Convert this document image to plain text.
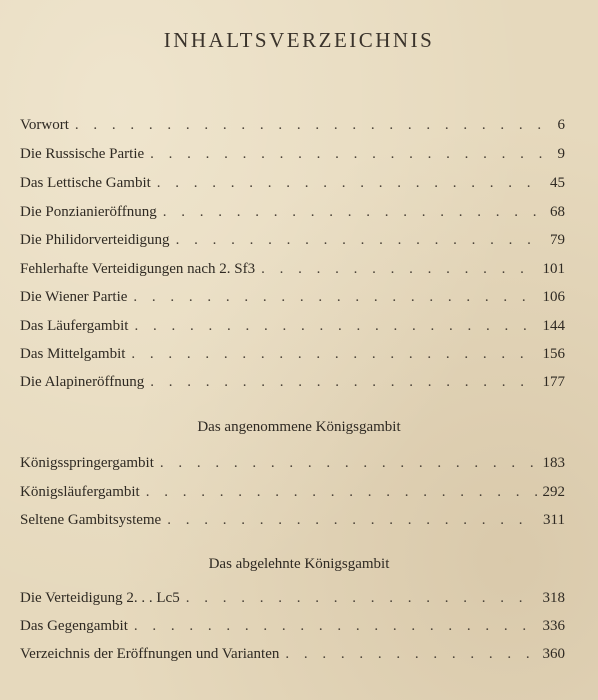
INHALTSVERZEICHNIS
Vorwort . . .	6
Die Russische Partie . . .	9
Das Lettische Gambit . . .	45
Die Ponzianieröffnung . . .	68
Die Philidorverteidigung . . .	79
Fehlerhafte Verteidigungen nach 2. Sf3 . . .	101
Die Wiener Partie . . .	106
Das Läufergambit . . .	144
Das Mittelgambit . . .	156
Die Alapineröffnung . . .	177
Das angenommene Königsgambit
Königsspringergambit . . .	183
Königsläufergambit . . .	292
Seltene Gambitsysteme . . .	311
Das abgelehnte Königsgambit
Die Verteidigung 2. . . Lc5 . . .	318
Das Gegengambit . . .	336
Verzeichnis der Eröffnungen und Varianten . . .	360
